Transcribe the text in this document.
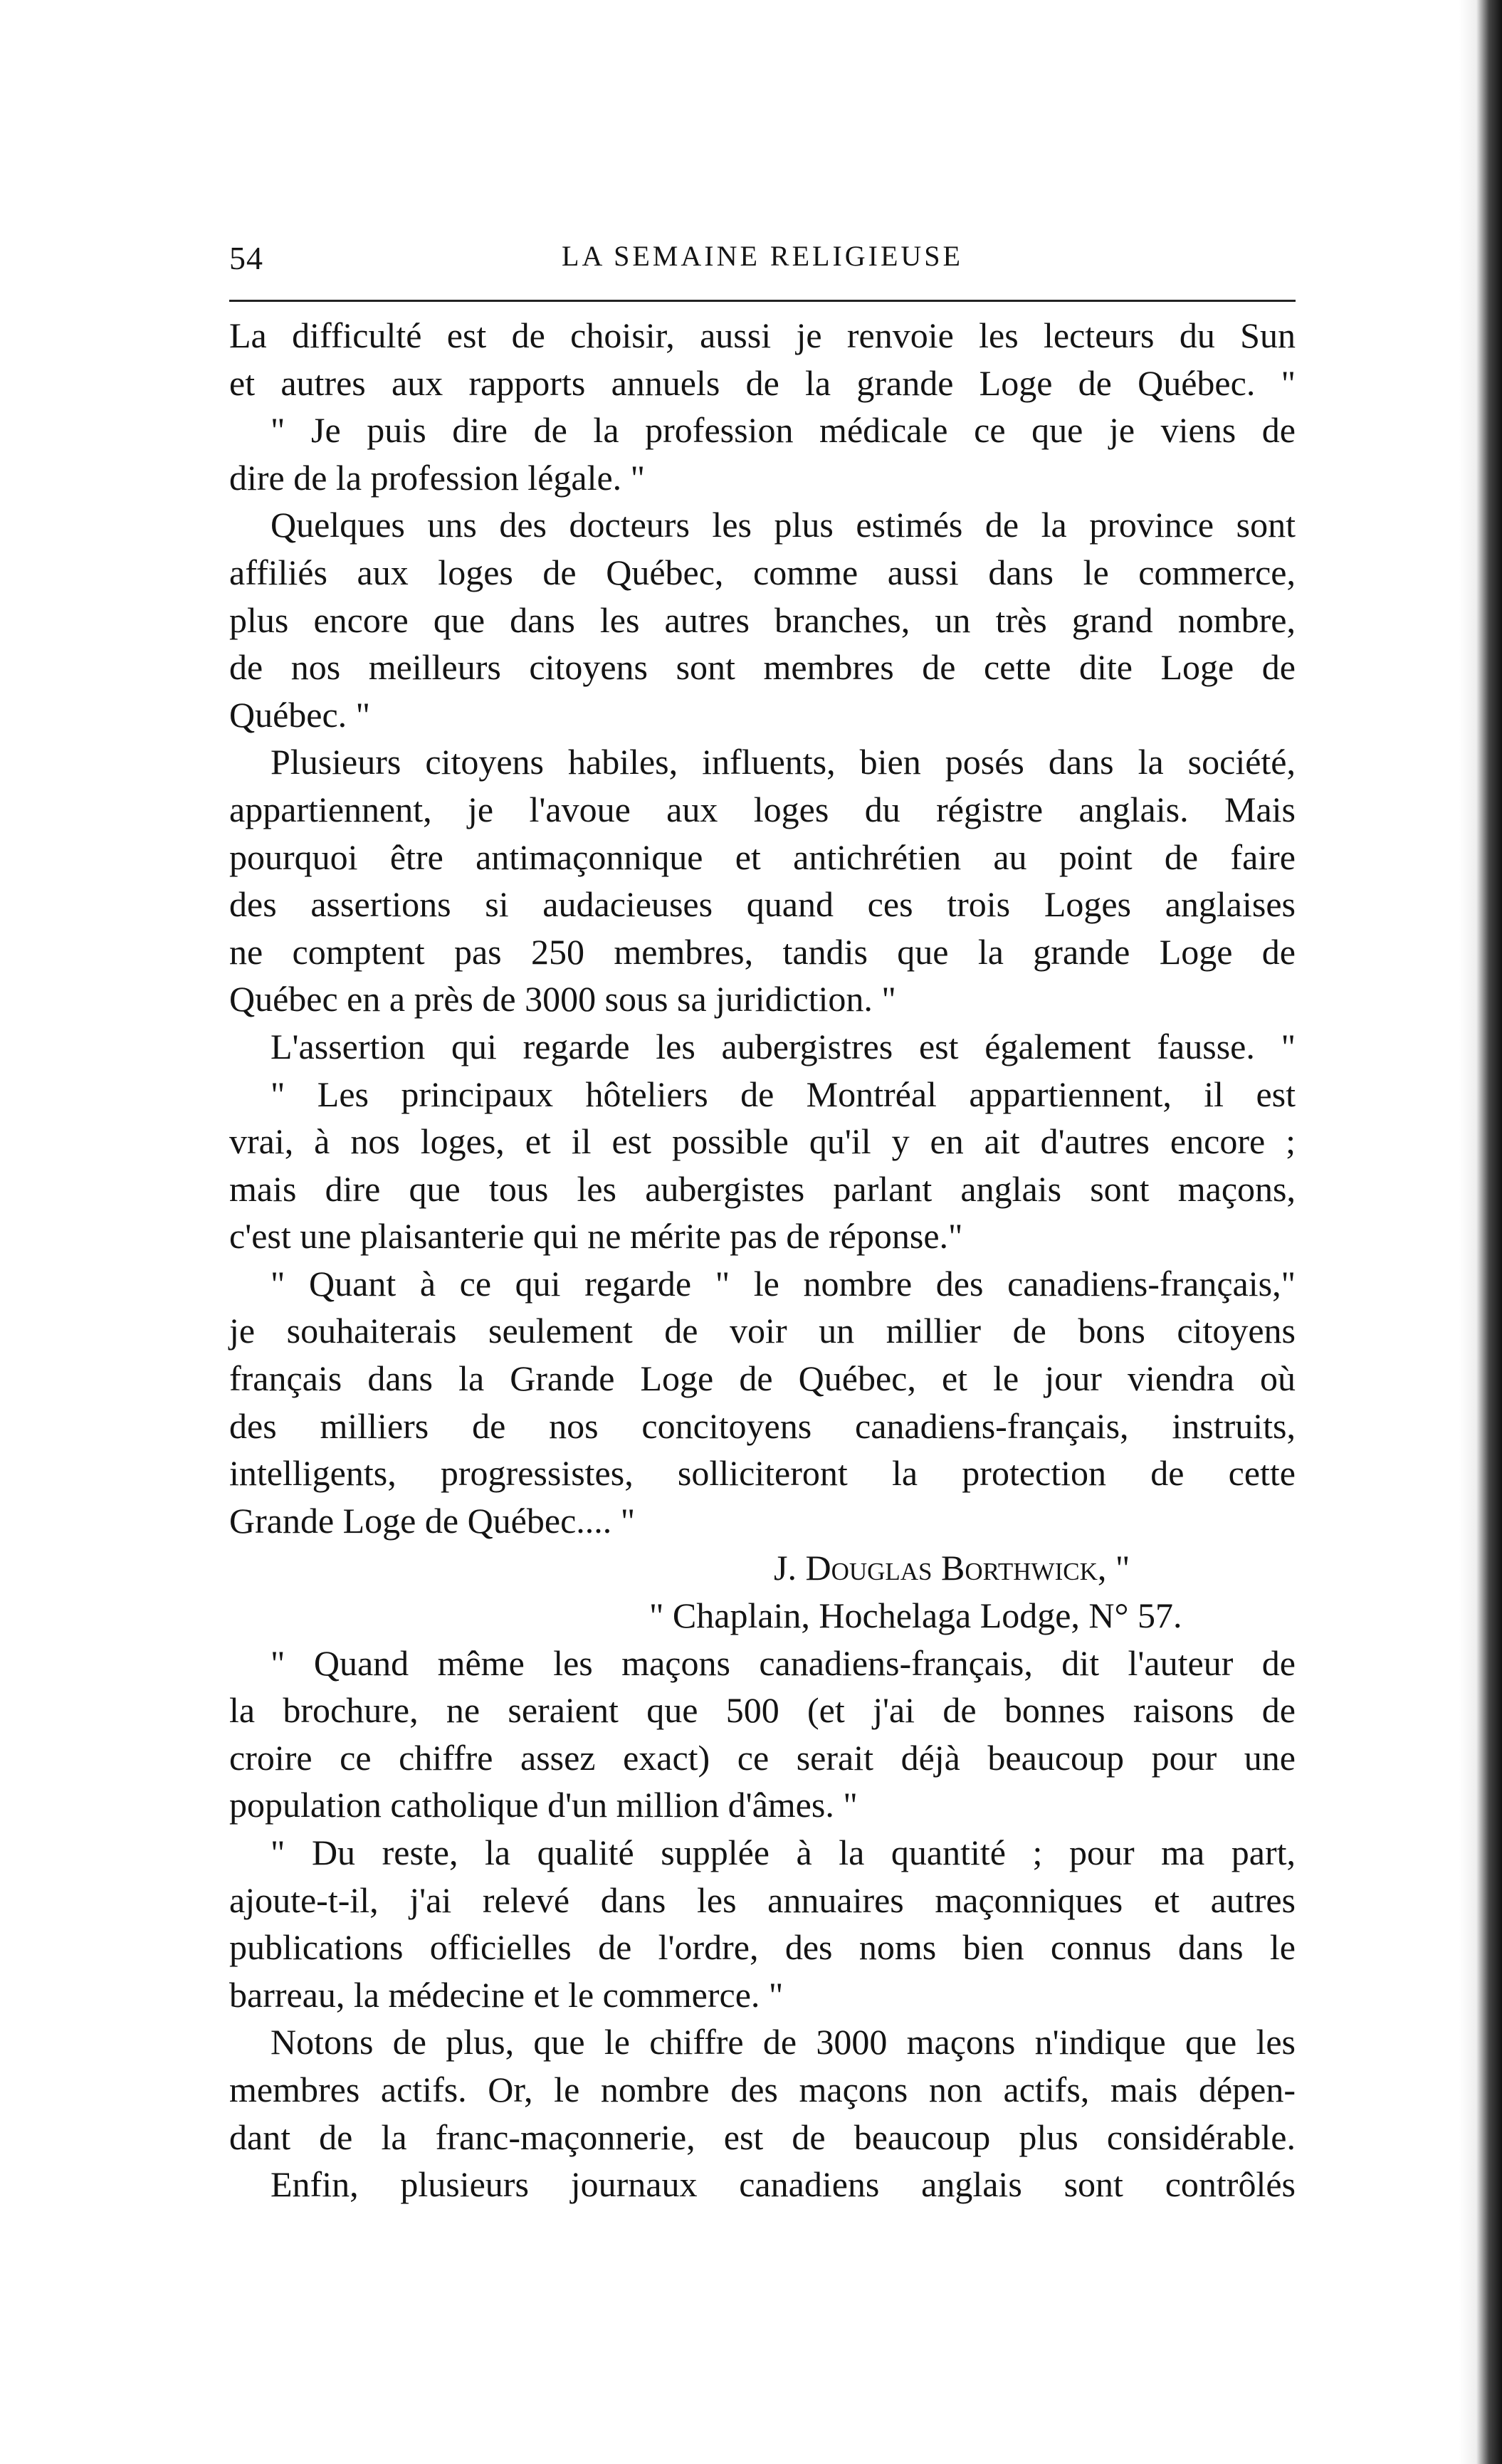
54	LA SEMAINE RELIGIEUSE
La difficulté est de choisir, aussi je renvoie les lecteurs du Sun
et autres aux rapports annuels de la grande Loge de Québec. "
" Je puis dire de la profession médicale ce que je viens de
dire de la profession légale. "
Quelques uns des docteurs les plus estimés de la province sont
affiliés aux loges de Québec, comme aussi dans le commerce,
plus encore que dans les autres branches, un très grand nombre,
de nos meilleurs citoyens sont membres de cette dite Loge de
Québec. "
Plusieurs citoyens habiles, influents, bien posés dans la société,
appartiennent, je l'avoue aux loges du régistre anglais. Mais
pourquoi être antimaçonnique et antichrétien au point de faire
des assertions si audacieuses quand ces trois Loges anglaises
ne comptent pas 250 membres, tandis que la grande Loge de
Québec en a près de 3000 sous sa juridiction. "
L'assertion qui regarde les aubergistres est également fausse. "
" Les principaux hôteliers de Montréal appartiennent, il est
vrai, à nos loges, et il est possible qu'il y en ait d'autres encore ;
mais dire que tous les aubergistes parlant anglais sont maçons,
c'est une plaisanterie qui ne mérite pas de réponse."
" Quant à ce qui regarde " le nombre des canadiens-français,"
je souhaiterais seulement de voir un millier de bons citoyens
français dans la Grande Loge de Québec, et le jour viendra où
des milliers de nos concitoyens canadiens-français, instruits,
intelligents, progressistes, solliciteront la protection de cette
Grande Loge de Québec.... "
J. Douglas Borthwick, "
" Chaplain, Hochelaga Lodge, N° 57.
" Quand même les maçons canadiens-français, dit l'auteur de
la brochure, ne seraient que 500 (et j'ai de bonnes raisons de
croire ce chiffre assez exact) ce serait déjà beaucoup pour une
population catholique d'un million d'âmes. "
" Du reste, la qualité supplée à la quantité ; pour ma part,
ajoute-t-il, j'ai relevé dans les annuaires maçonniques et autres
publications officielles de l'ordre, des noms bien connus dans le
barreau, la médecine et le commerce. "
Notons de plus, que le chiffre de 3000 maçons n'indique que les
membres actifs. Or, le nombre des maçons non actifs, mais dépen-
dant de la franc-maçonnerie, est de beaucoup plus considérable.
Enfin, plusieurs journaux canadiens anglais sont contrôlés
